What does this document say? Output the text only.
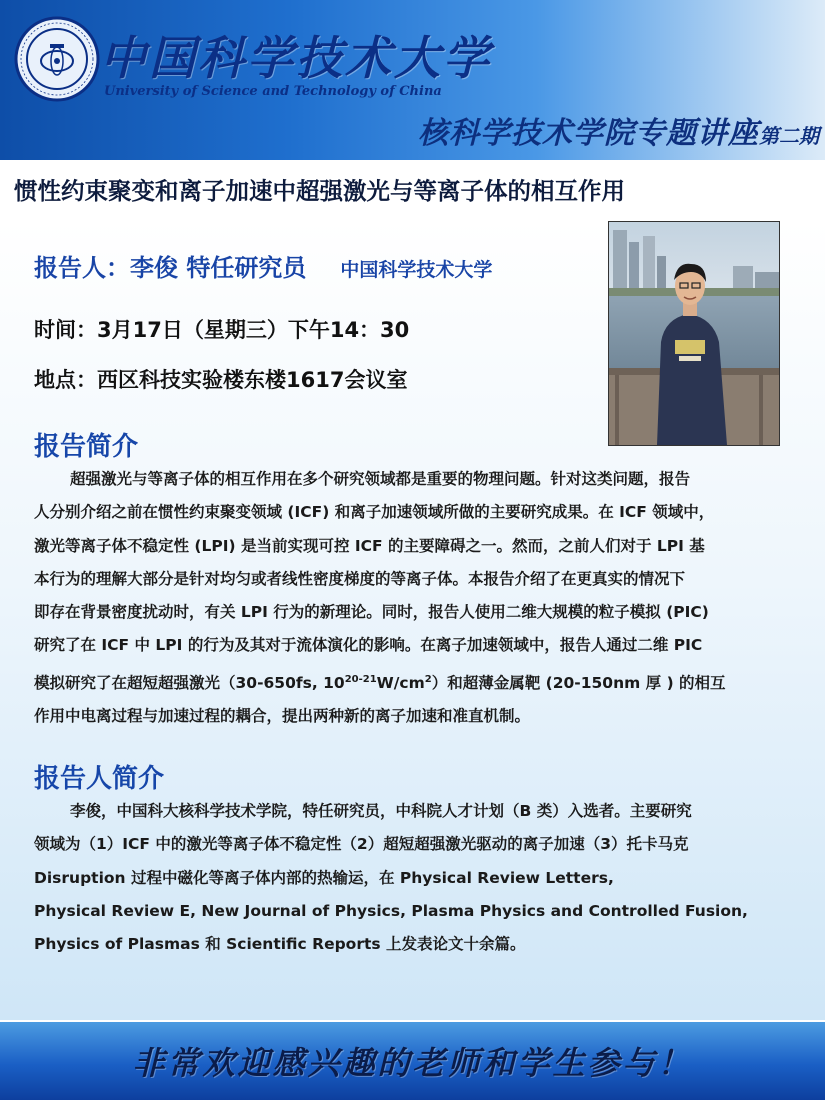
中国科学技术大学
University of Science and Technology of China
核科学技术学院专题讲座第二期
惯性约束聚变和离子加速中超强激光与等离子体的相互作用
报告人：李俊 特任研究员 中国科学技术大学
时间：3月17日（星期三）下午14：30
地点：西区科技实验楼东楼1617会议室
报告简介
超强激光与等离子体的相互作用在多个研究领域都是重要的物理问题。针对这类问题，报告
人分别介绍之前在惯性约束聚变领域 (ICF) 和离子加速领域所做的主要研究成果。在 ICF 领域中，
激光等离子体不稳定性 (LPI) 是当前实现可控 ICF 的主要障碍之一。然而，之前人们对于 LPI 基
本行为的理解大部分是针对均匀或者线性密度梯度的等离子体。本报告介绍了在更真实的情况下
即存在背景密度扰动时，有关 LPI 行为的新理论。同时，报告人使用二维大规模的粒子模拟 (PIC)
研究了在 ICF 中 LPI 的行为及其对于流体演化的影响。在离子加速领域中，报告人通过二维 PIC
模拟研究了在超短超强激光（30-650fs, $10^{20-21}W/cm^2$）和超薄金属靶 (20-150nm 厚 ) 的相互
作用中电离过程与加速过程的耦合，提出两种新的离子加速和准直机制。
报告人简介
李俊，中国科大核科学技术学院，特任研究员，中科院人才计划（B 类）入选者。主要研究
领域为（1）ICF 中的激光等离子体不稳定性（2）超短超强激光驱动的离子加速（3）托卡马克
Disruption 过程中磁化等离子体内部的热输运，在 Physical Review Letters,
Physical Review E, New Journal of Physics, Plasma Physics and Controlled Fusion,
Physics of Plasmas 和 Scientific Reports 上发表论文十余篇。
非常欢迎感兴趣的老师和学生参与！
